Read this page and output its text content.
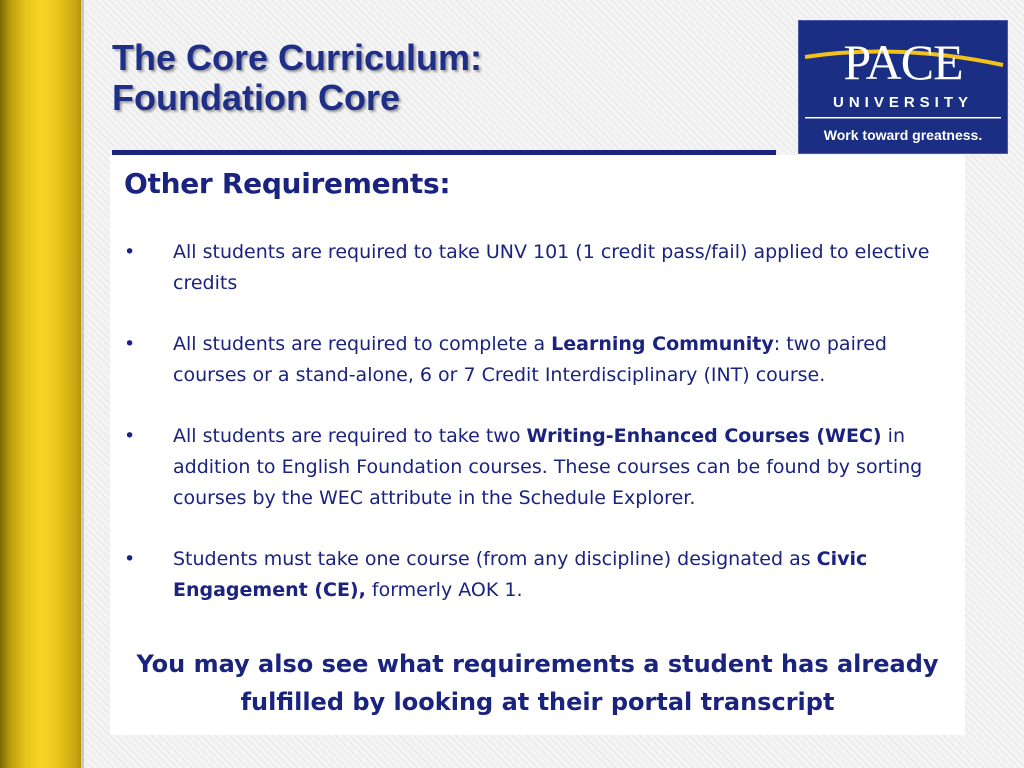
The Core Curriculum:
Foundation Core
PACE
UNIVERSITY
Work toward greatness.
Other Requirements:
• All students are required to take UNV 101 (1 credit pass/fail) applied to elective credits
• All students are required to complete a Learning Community: two paired courses or a stand-alone, 6 or 7 Credit Interdisciplinary (INT) course.
• All students are required to take two Writing-Enhanced Courses (WEC) in addition to English Foundation courses. These courses can be found by sorting courses by the WEC attribute in the Schedule Explorer.
• Students must take one course (from any discipline) designated as Civic Engagement (CE), formerly AOK 1.

You may also see what requirements a student has already
fulfilled by looking at their portal transcript
